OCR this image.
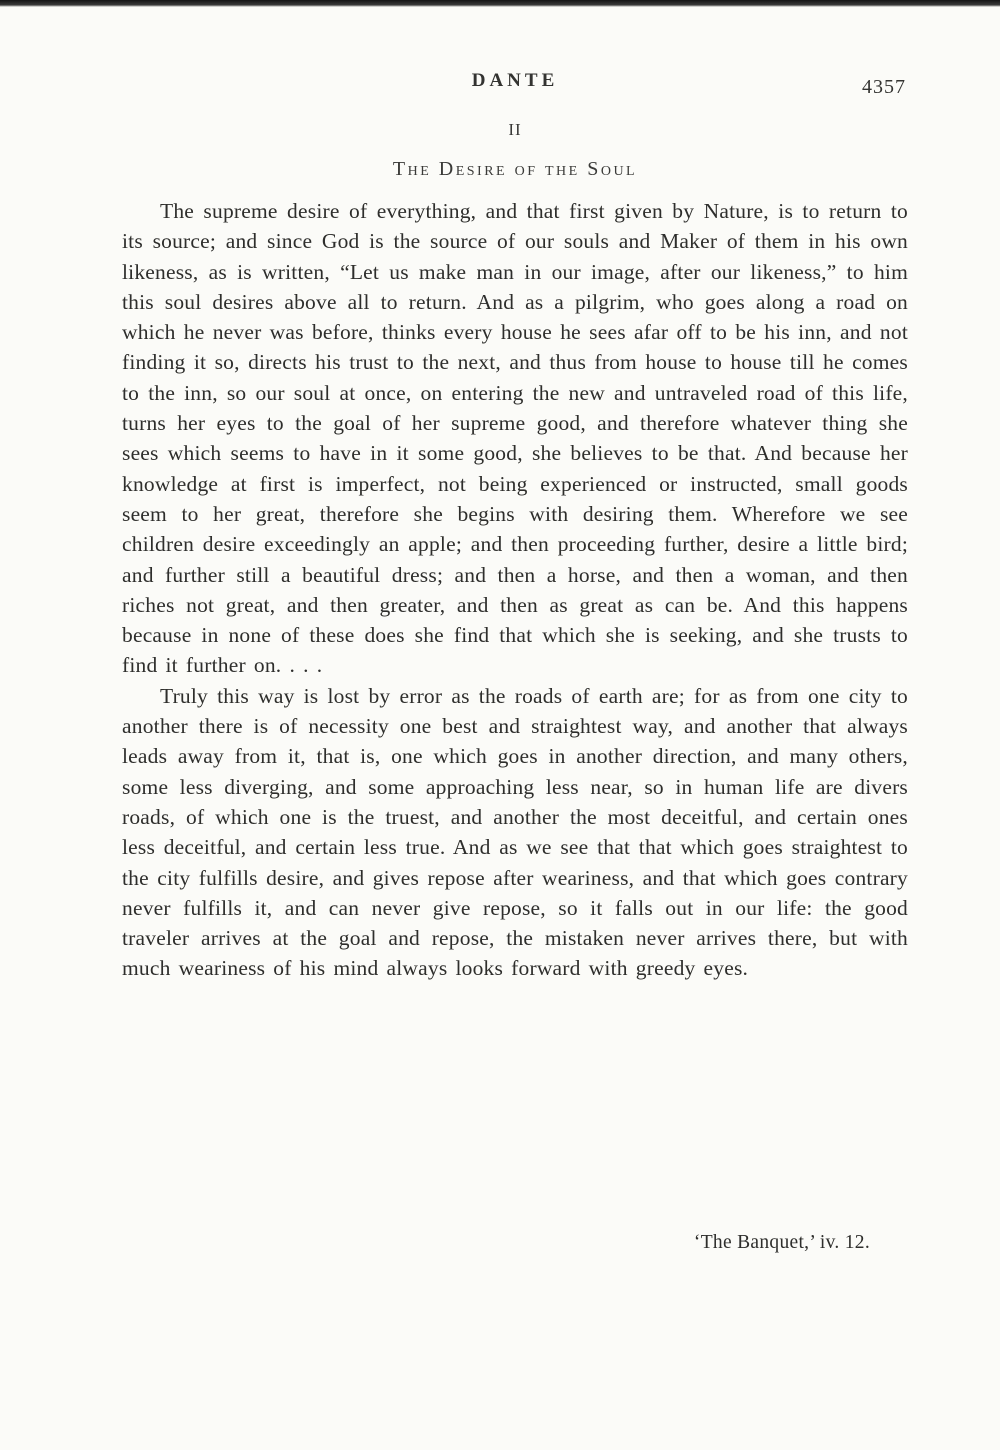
DANTE	4357
II
The Desire of the Soul

The supreme desire of everything, and that first given by Nature, is to return to its source; and since God is the source of our souls and Maker of them in his own likeness, as is written, “Let us make man in our image, after our likeness,” to him this soul desires above all to return. And as a pilgrim, who goes along a road on which he never was before, thinks every house he sees afar off to be his inn, and not finding it so, directs his trust to the next, and thus from house to house till he comes to the inn, so our soul at once, on entering the new and untraveled road of this life, turns her eyes to the goal of her supreme good, and therefore whatever thing she sees which seems to have in it some good, she believes to be that. And because her knowledge at first is imperfect, not being experienced or instructed, small goods seem to her great, therefore she begins with desiring them. Wherefore we see children desire exceedingly an apple; and then proceeding further, desire a little bird; and further still a beautiful dress; and then a horse, and then a woman, and then riches not great, and then greater, and then as great as can be. And this happens because in none of these does she find that which she is seeking, and she trusts to find it further on. . . .

Truly this way is lost by error as the roads of earth are; for as from one city to another there is of necessity one best and straightest way, and another that always leads away from it, that is, one which goes in another direction, and many others, some less diverging, and some approaching less near, so in human life are divers roads, of which one is the truest, and another the most deceitful, and certain ones less deceitful, and certain less true. And as we see that that which goes straightest to the city fulfills desire, and gives repose after weariness, and that which goes contrary never fulfills it, and can never give repose, so it falls out in our life: the good traveler arrives at the goal and repose, the mistaken never arrives there, but with much weariness of his mind always looks forward with greedy eyes.

‘The Banquet,’ iv. 12.
